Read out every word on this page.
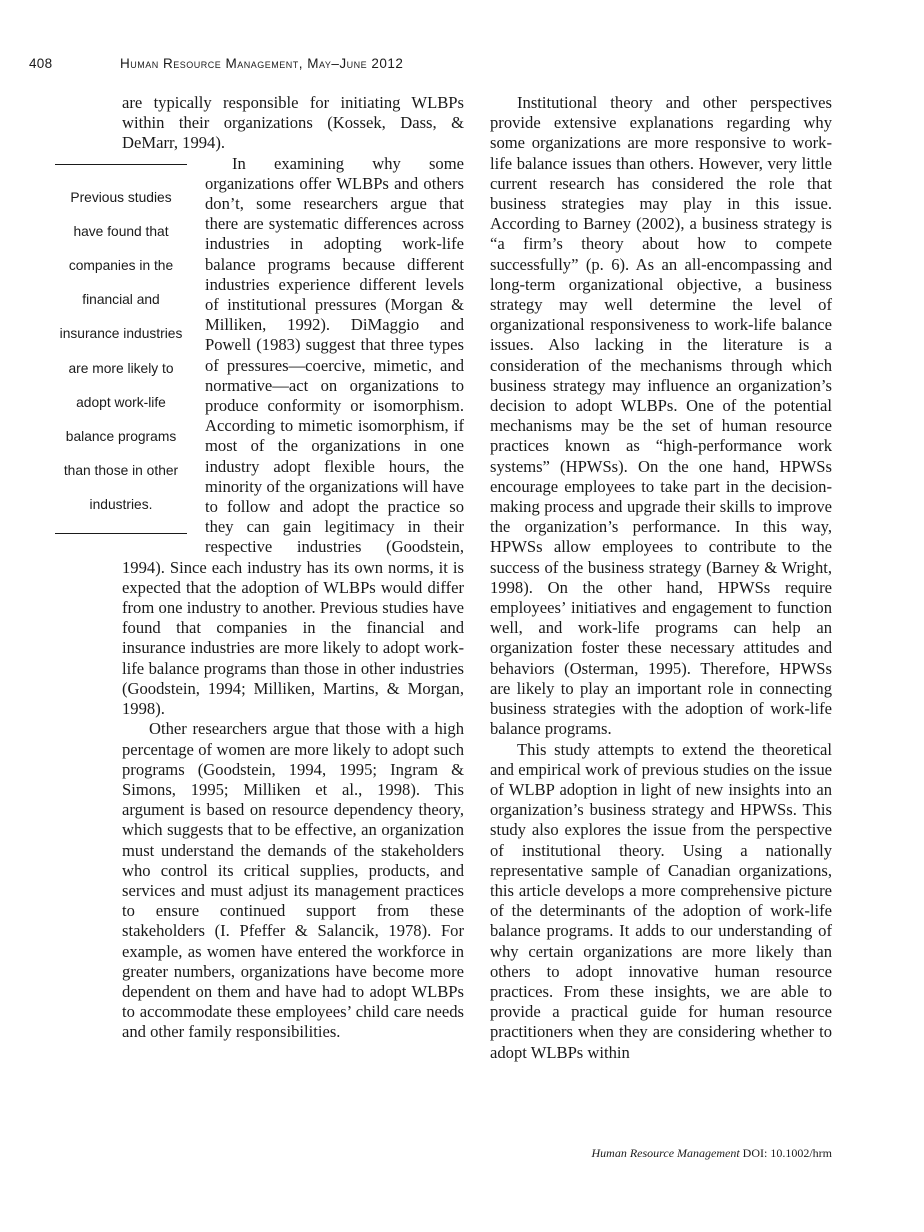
408	Human Resource Management, May–June 2012

are typically responsible for initiating WLBPs within their organizations (Kossek, Dass, & DeMarr, 1994).

Previous studies have found that companies in the financial and insurance industries are more likely to adopt work-life balance programs than those in other industries.
In examining why some organizations offer WLBPs and others don’t, some researchers argue that there are systematic differences across industries in adopting work-life balance programs because different industries experience different levels of institutional pressures (Morgan & Milliken, 1992). DiMaggio and Powell (1983) suggest that three types of pressures—coercive, mimetic, and normative—act on organizations to produce conformity or isomorphism. According to mimetic isomorphism, if most of the organizations in one industry adopt flexible hours, the minority of the organizations will have to follow and adopt the practice so they can gain legitimacy in their respective industries (Goodstein, 1994). Since each industry has its own norms, it is expected that the adoption of WLBPs would differ from one industry to another. Previous studies have found that companies in the financial and insurance industries are more likely to adopt work-life balance programs than those in other industries (Goodstein, 1994; Milliken, Martins, & Morgan, 1998).

Other researchers argue that those with a high percentage of women are more likely to adopt such programs (Goodstein, 1994, 1995; Ingram & Simons, 1995; Milliken et al., 1998). This argument is based on resource dependency theory, which suggests that to be effective, an organization must understand the demands of the stakeholders who control its critical supplies, products, and services and must adjust its management practices to ensure continued support from these stakeholders (I. Pfeffer & Salancik, 1978). For example, as women have entered the workforce in greater numbers, organizations have become more dependent on them and have had to adopt WLBPs to accommodate these employees’ child care needs and other family responsibilities.

Institutional theory and other perspectives provide extensive explanations regarding why some organizations are more responsive to work-life balance issues than others. However, very little current research has considered the role that business strategies may play in this issue. According to Barney (2002), a business strategy is “a firm’s theory about how to compete successfully” (p. 6). As an all-encompassing and long-term organizational objective, a business strategy may well determine the level of organizational responsiveness to work-life balance issues. Also lacking in the literature is a consideration of the mechanisms through which business strategy may influence an organization’s decision to adopt WLBPs. One of the potential mechanisms may be the set of human resource practices known as “high-performance work systems” (HPWSs). On the one hand, HPWSs encourage employees to take part in the decision-making process and upgrade their skills to improve the organization’s performance. In this way, HPWSs allow employees to contribute to the success of the business strategy (Barney & Wright, 1998). On the other hand, HPWSs require employees’ initiatives and engagement to function well, and work-life programs can help an organization foster these necessary attitudes and behaviors (Osterman, 1995). Therefore, HPWSs are likely to play an important role in connecting business strategies with the adoption of work-life balance programs.

This study attempts to extend the theoretical and empirical work of previous studies on the issue of WLBP adoption in light of new insights into an organization’s business strategy and HPWSs. This study also explores the issue from the perspective of institutional theory. Using a nationally representative sample of Canadian organizations, this article develops a more comprehensive picture of the determinants of the adoption of work-life balance programs. It adds to our understanding of why certain organizations are more likely than others to adopt innovative human resource practices. From these insights, we are able to provide a practical guide for human resource practitioners when they are considering whether to adopt WLBPs within

Human Resource Management DOI: 10.1002/hrm
